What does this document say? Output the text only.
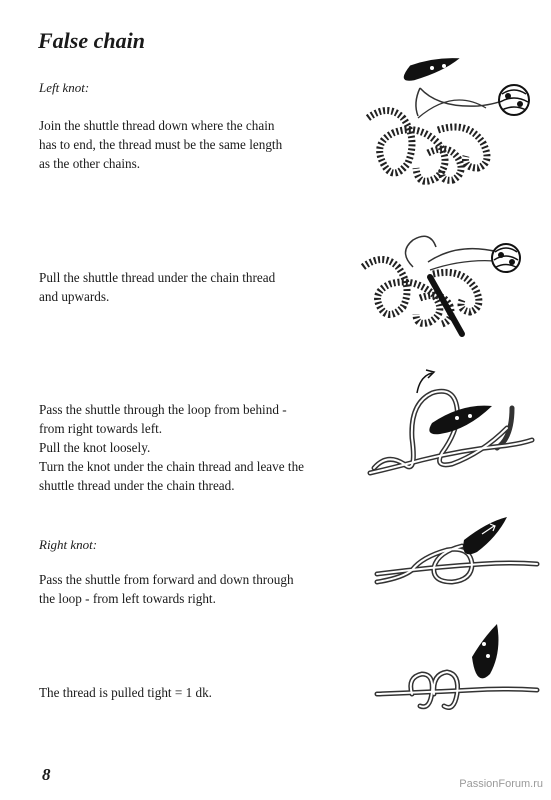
False chain
Left knot:
Join the shuttle thread down where the chain
has to end, the thread must be the same length
as the other chains.
Pull the shuttle thread under the chain thread
and upwards.
Pass the shuttle through the loop from behind -
from right towards left.
Pull the knot loosely.
Turn the knot under the chain thread and leave the
shuttle thread under the chain thread.
Right knot:
Pass the shuttle from forward and down through
the loop - from left towards right.
The thread is pulled tight = 1 dk.
8	PassionForum.ru
